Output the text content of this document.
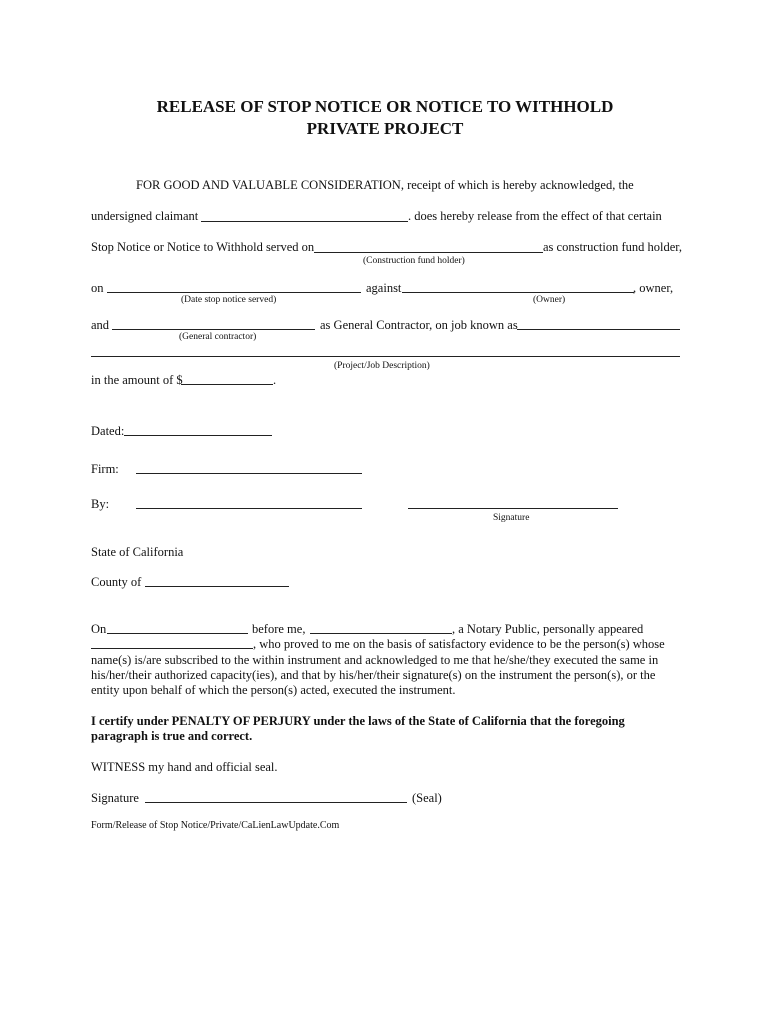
RELEASE OF STOP NOTICE OR NOTICE TO WITHHOLD
PRIVATE PROJECT
FOR GOOD AND VALUABLE CONSIDERATION, receipt of which is hereby acknowledged, the
undersigned claimant	. does hereby release from the effect of that certain
Stop Notice or Notice to Withhold served on	as construction fund holder,
(Construction fund holder)
on	against	, owner,
(Date stop notice served)	(Owner)
and	as General Contractor, on job known as
(General contractor)
(Project/Job Description)
in the amount of $	.
Dated:
Firm:
By:
Signature
State of California
County of
On	before me,	, a Notary Public, personally appeared
, who proved to me on the basis of satisfactory evidence to be the person(s) whose
name(s) is/are subscribed to the within instrument and acknowledged to me that he/she/they executed the same in
his/her/their authorized capacity(ies), and that by his/her/their signature(s) on the instrument the person(s), or the
entity upon behalf of which the person(s) acted, executed the instrument.
I certify under PENALTY OF PERJURY under the laws of the State of California that the foregoing
paragraph is true and correct.
WITNESS my hand and official seal.
Signature	(Seal)
Form/Release of Stop Notice/Private/CaLienLawUpdate.Com
